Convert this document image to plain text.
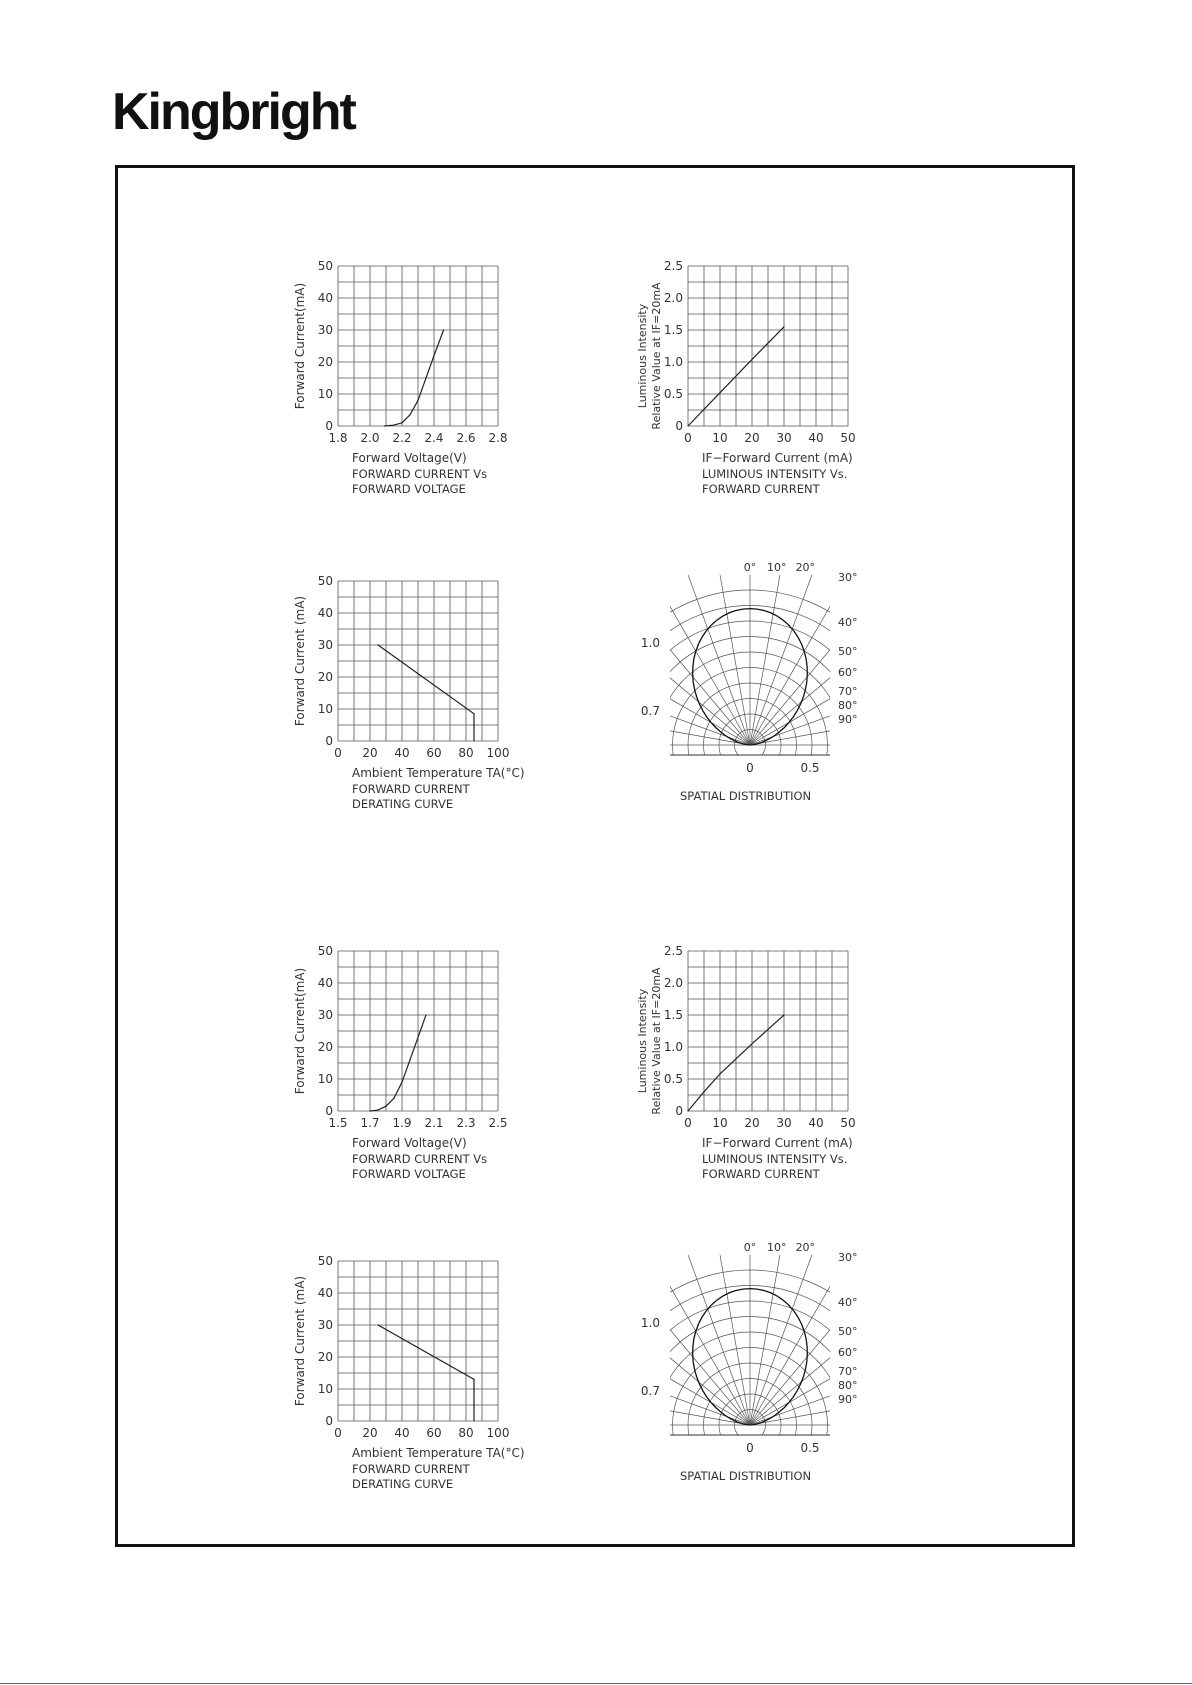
Kingbright
1.8 2.0 2.2 2.4 2.6 2.8
0
10
20
30
40
50
Forward Voltage(V)
Forward Current(mA)
FORWARD CURRENT Vs
FORWARD VOLTAGE
0 10 20 30 40 50
0
0.5
1.0
1.5
2.0
2.5
IF−Forward Current (mA)
Luminous Intensity Relative Value at IF=20mA
LUMINOUS INTENSITY Vs.
FORWARD CURRENT
0 20 40 60 80 100
0
10
20
30
40
50
Ambient Temperature TA(°C)
Forward Current (mA)
FORWARD CURRENT
DERATING CURVE
0° 10° 20°
30°
40°
50°
60°
70°
80°
90°
1.0
0.7
0	0.5
SPATIAL DISTRIBUTION
1.5 1.7 1.9 2.1 2.3 2.5
0
10
20
30
40
50
Forward Voltage(V)
Forward Current(mA)
FORWARD CURRENT Vs
FORWARD VOLTAGE
0 10 20 30 40 50
0
0.5
1.0
1.5
2.0
2.5
IF−Forward Current (mA)
Luminous Intensity Relative Value at IF=20mA
LUMINOUS INTENSITY Vs.
FORWARD CURRENT
0 20 40 60 80 100
0
10
20
30
40
50
Ambient Temperature TA(°C)
Forward Current (mA)
FORWARD CURRENT
DERATING CURVE
0° 10° 20°
30°
40°
50°
60°
70°
80°
90°
1.0
0.7
0	0.5
SPATIAL DISTRIBUTION
